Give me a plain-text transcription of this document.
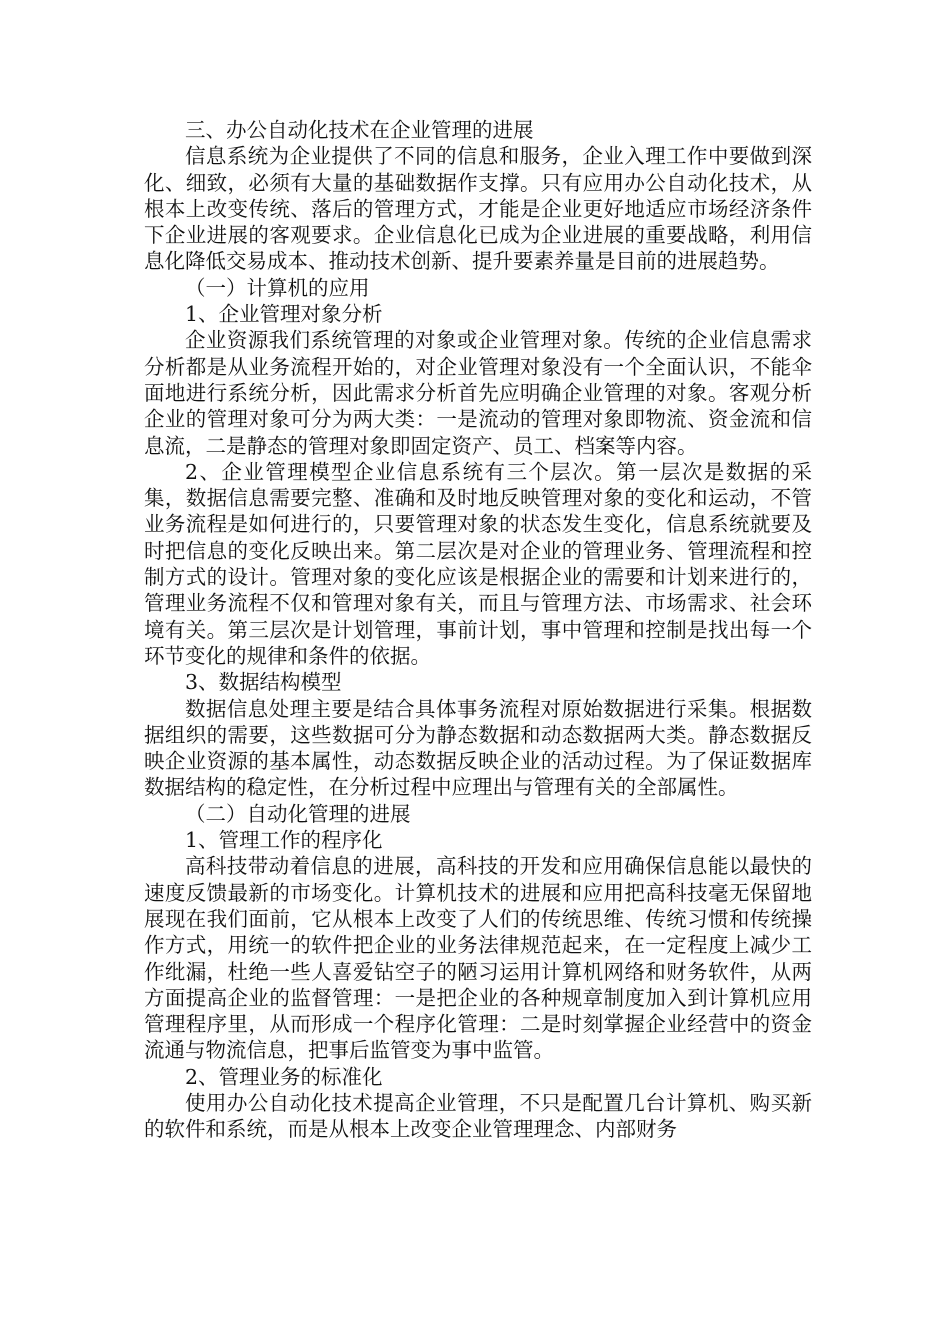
三、办公自动化技术在企业管理的进展

信息系统为企业提供了不同的信息和服务，企业入理工作中要做到深化、细致，必须有大量的基础数据作支撑。只有应用办公自动化技术，从根本上改变传统、落后的管理方式，才能是企业更好地适应市场经济条件下企业进展的客观要求。企业信息化已成为企业进展的重要战略，利用信息化降低交易成本、推动技术创新、提升要素养量是目前的进展趋势。

（一）计算机的应用

1、企业管理对象分析

企业资源我们系统管理的对象或企业管理对象。传统的企业信息需求分析都是从业务流程开始的，对企业管理对象没有一个全面认识，不能伞面地进行系统分析，因此需求分析首先应明确企业管理的对象。客观分析企业的管理对象可分为两大类：一是流动的管理对象即物流、资金流和信息流，二是静态的管理对象即固定资产、员工、档案等内容。

2、企业管理模型企业信息系统有三个层次。第一层次是数据的采集，数据信息需要完整、准确和及时地反映管理对象的变化和运动，不管业务流程是如何进行的，只要管理对象的状态发生变化，信息系统就要及时把信息的变化反映出来。第二层次是对企业的管理业务、管理流程和控制方式的设计。管理对象的变化应该是根据企业的需要和计划来进行的，管理业务流程不仅和管理对象有关，而且与管理方法、市场需求、社会环境有关。第三层次是计划管理，事前计划，事中管理和控制是找出每一个环节变化的规律和条件的依据。

3、数据结构模型

数据信息处理主要是结合具体事务流程对原始数据进行采集。根据数据组织的需要，这些数据可分为静态数据和动态数据两大类。静态数据反映企业资源的基本属性，动态数据反映企业的活动过程。为了保证数据库数据结构的稳定性，在分析过程中应理出与管理有关的全部属性。

（二）自动化管理的进展

1、管理工作的程序化

高科技带动着信息的进展，高科技的开发和应用确保信息能以最快的速度反馈最新的市场变化。计算机技术的进展和应用把高科技毫无保留地展现在我们面前，它从根本上改变了人们的传统思维、传统习惯和传统操作方式，用统一的软件把企业的业务法律规范起来，在一定程度上减少工作纰漏，杜绝一些人喜爱钻空子的陋习运用计算机网络和财务软件，从两方面提高企业的监督管理：一是把企业的各种规章制度加入到计算机应用管理程序里，从而形成一个程序化管理：二是时刻掌握企业经营中的资金流通与物流信息，把事后监管变为事中监管。

2、管理业务的标准化

使用办公自动化技术提高企业管理，不只是配置几台计算机、购买新的软件和系统，而是从根本上改变企业管理理念、内部财务
